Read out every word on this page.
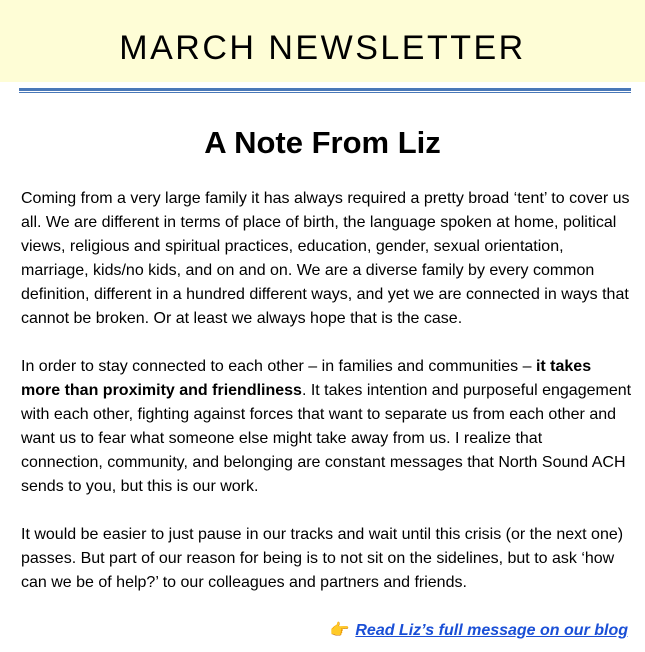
MARCH NEWSLETTER
A Note From Liz

Coming from a very large family it has always required a pretty broad ‘tent’ to cover us
all. We are different in terms of place of birth, the language spoken at home, political
views, religious and spiritual practices, education, gender, sexual orientation,
marriage, kids/no kids, and on and on. We are a diverse family by every common
definition, different in a hundred different ways, and yet we are connected in ways that
cannot be broken. Or at least we always hope that is the case.

In order to stay connected to each other – in families and communities – it takes
more than proximity and friendliness. It takes intention and purposeful engagement
with each other, fighting against forces that want to separate us from each other and
want us to fear what someone else might take away from us. I realize that
connection, community, and belonging are constant messages that North Sound ACH
sends to you, but this is our work.

It would be easier to just pause in our tracks and wait until this crisis (or the next one)
passes. But part of our reason for being is to not sit on the sidelines, but to ask ‘how
can we be of help?’ to our colleagues and partners and friends.

👉 Read Liz’s full message on our blog
